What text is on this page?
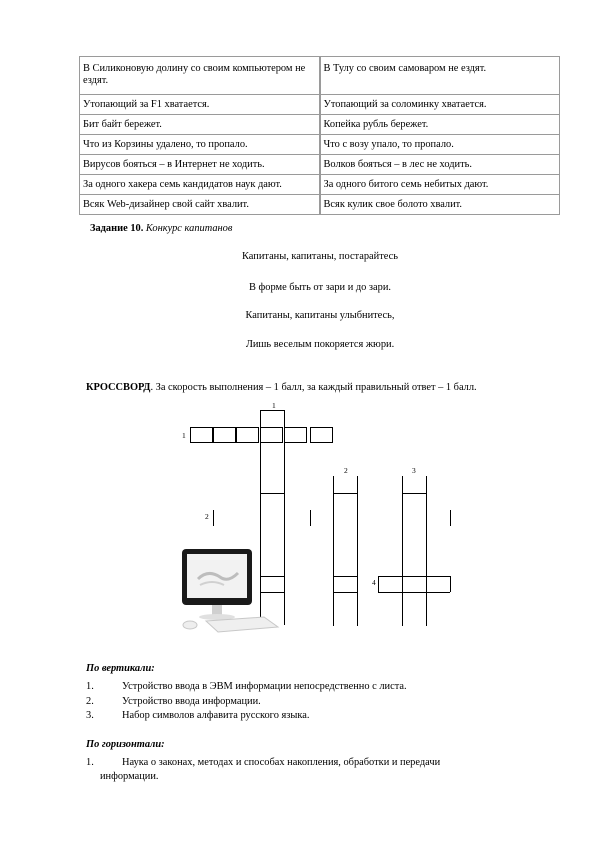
В Силиконовую долину со своим компьютером не ездят.	В Тулу со своим самоваром не ездят.
Утопающий за F1 хватается.	Утопающий за соломинку хватается.
Бит байт бережет.	Копейка рубль бережет.
Что из Корзины удалено, то пропало.	Что с возу упало, то пропало.
Вирусов бояться – в Интернет не ходить.	Волков бояться – в лес не ходить.
За одного хакера семь кандидатов наук дают.	За одного битого семь небитых дают.
Всяк Web-дизайнер свой сайт хвалит.	Всяк кулик свое болото хвалит.
Задание 10. Конкурс капитанов
Капитаны, капитаны, постарайтесь
В форме быть от зари и до зари.
Капитаны, капитаны улыбнитесь,
Лишь веселым покоряется жюри.
КРОССВОРД. За скорость выполнения – 1 балл, за каждый правильный ответ – 1 балл.
1
1
2	3
2
4
По вертикали:
1.	Устройство ввода в ЭВМ информации непосредственно с листа.
2.	Устройство ввода информации.
3.	Набор символов алфавита русского языка.
По горизонтали:
1.	Наука о законах, методах и способах накопления, обработки и передачи
информации.
